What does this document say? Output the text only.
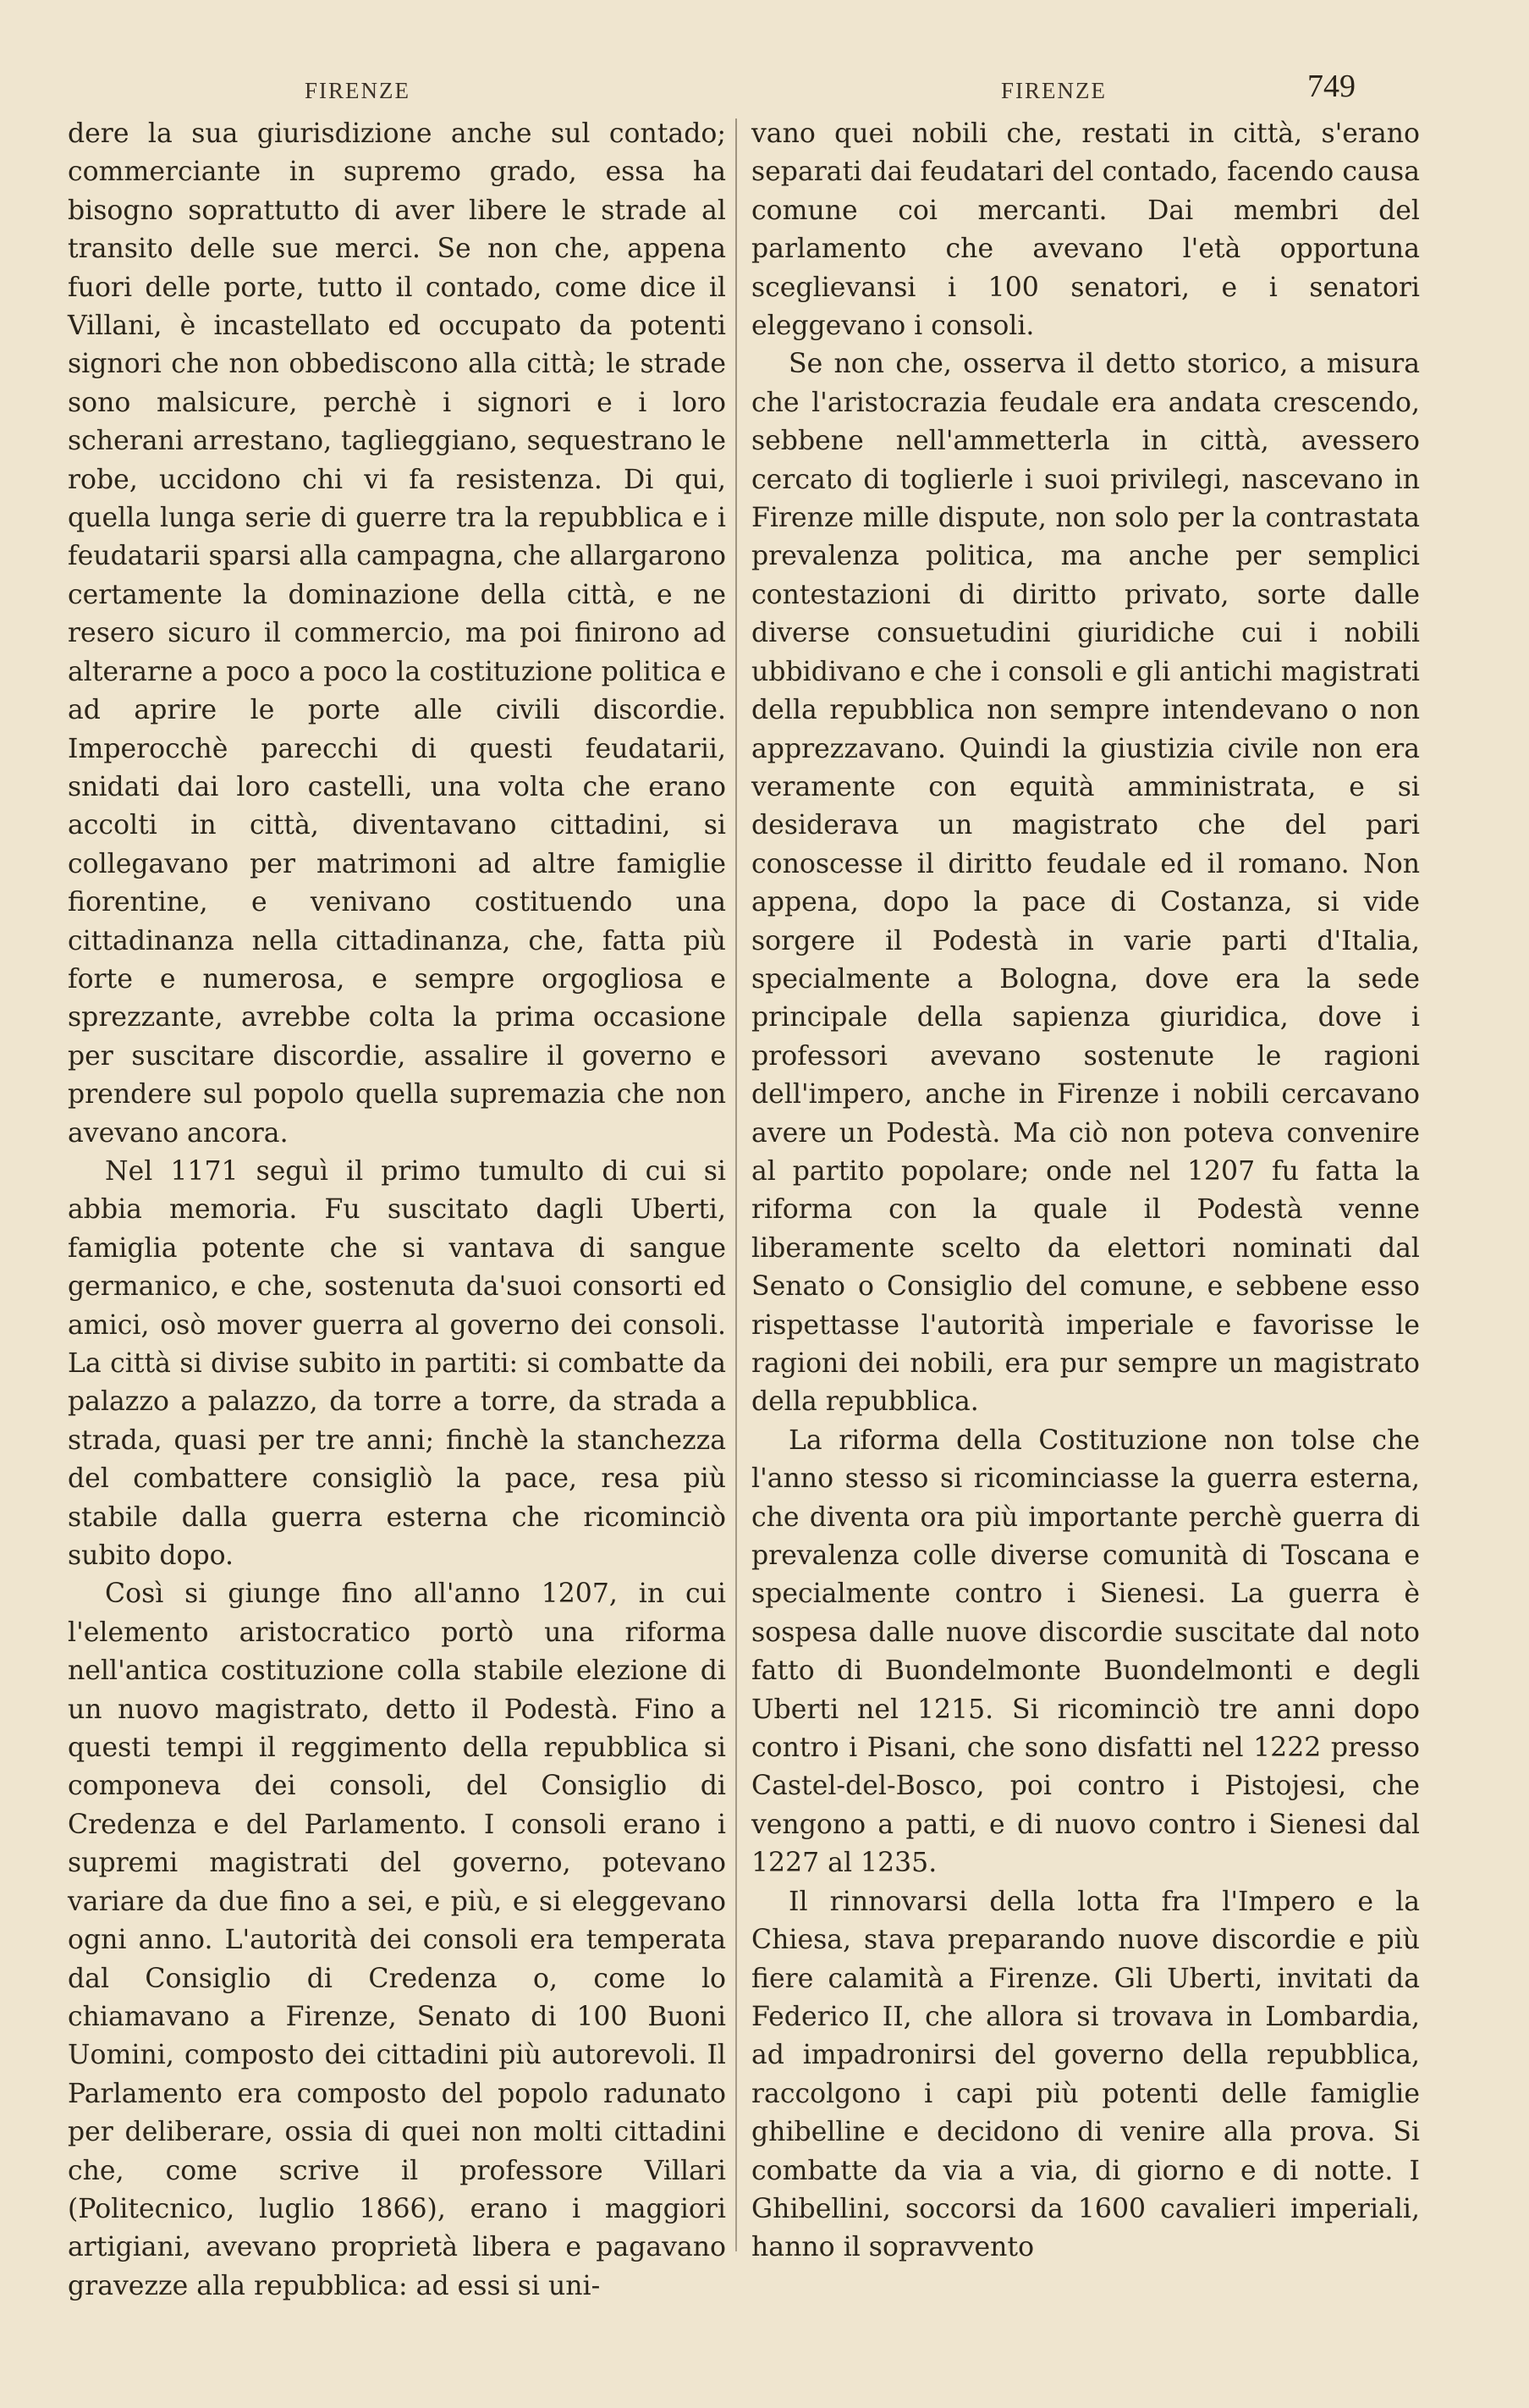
FIRENZE	FIRENZE	749

dere la sua giurisdizione anche sul contado; commerciante in supremo grado, essa ha bisogno soprattutto di aver libere le strade al transito delle sue merci. Se non che, appena fuori delle porte, tutto il contado, come dice il Villani, è incastellato ed occupato da potenti signori che non obbediscono alla città; le strade sono malsicure, perchè i signori e i loro scherani arrestano, taglieggiano, sequestrano le robe, uccidono chi vi fa resistenza. Di qui, quella lunga serie di guerre tra la repubblica e i feudatarii sparsi alla campagna, che allargarono certamente la dominazione della città, e ne resero sicuro il commercio, ma poi finirono ad alterarne a poco a poco la costituzione politica e ad aprire le porte alle civili discordie. Imperocchè parecchi di questi feudatarii, snidati dai loro castelli, una volta che erano accolti in città, diventavano cittadini, si collegavano per matrimoni ad altre famiglie fiorentine, e venivano costituendo una cittadinanza nella cittadinanza, che, fatta più forte e numerosa, e sempre orgogliosa e sprezzante, avrebbe colta la prima occasione per suscitare discordie, assalire il governo e prendere sul popolo quella supremazia che non avevano ancora.

Nel 1171 seguì il primo tumulto di cui si abbia memoria. Fu suscitato dagli Uberti, famiglia potente che si vantava di sangue germanico, e che, sostenuta da'suoi consorti ed amici, osò mover guerra al governo dei consoli. La città si divise subito in partiti: si combatte da palazzo a palazzo, da torre a torre, da strada a strada, quasi per tre anni; finchè la stanchezza del combattere consigliò la pace, resa più stabile dalla guerra esterna che ricominciò subito dopo.

Così si giunge fino all'anno 1207, in cui l'elemento aristocratico portò una riforma nell'antica costituzione colla stabile elezione di un nuovo magistrato, detto il Podestà. Fino a questi tempi il reggimento della repubblica si componeva dei consoli, del Consiglio di Credenza e del Parlamento. I consoli erano i supremi magistrati del governo, potevano variare da due fino a sei, e più, e si eleggevano ogni anno. L'autorità dei consoli era temperata dal Consiglio di Credenza o, come lo chiamavano a Firenze, Senato di 100 Buoni Uomini, composto dei cittadini più autorevoli. Il Parlamento era composto del popolo radunato per deliberare, ossia di quei non molti cittadini che, come scrive il professore Villari (Politecnico, luglio 1866), erano i maggiori artigiani, avevano proprietà libera e pagavano gravezze alla repubblica: ad essi si uni-

vano quei nobili che, restati in città, s'erano separati dai feudatari del contado, facendo causa comune coi mercanti. Dai membri del parlamento che avevano l'età opportuna sceglievansi i 100 senatori, e i senatori eleggevano i consoli.

Se non che, osserva il detto storico, a misura che l'aristocrazia feudale era andata crescendo, sebbene nell'ammetterla in città, avessero cercato di toglierle i suoi privilegi, nascevano in Firenze mille dispute, non solo per la contrastata prevalenza politica, ma anche per semplici contestazioni di diritto privato, sorte dalle diverse consuetudini giuridiche cui i nobili ubbidivano e che i consoli e gli antichi magistrati della repubblica non sempre intendevano o non apprezzavano. Quindi la giustizia civile non era veramente con equità amministrata, e si desiderava un magistrato che del pari conoscesse il diritto feudale ed il romano. Non appena, dopo la pace di Costanza, si vide sorgere il Podestà in varie parti d'Italia, specialmente a Bologna, dove era la sede principale della sapienza giuridica, dove i professori avevano sostenute le ragioni dell'impero, anche in Firenze i nobili cercavano avere un Podestà. Ma ciò non poteva convenire al partito popolare; onde nel 1207 fu fatta la riforma con la quale il Podestà venne liberamente scelto da elettori nominati dal Senato o Consiglio del comune, e sebbene esso rispettasse l'autorità imperiale e favorisse le ragioni dei nobili, era pur sempre un magistrato della repubblica.

La riforma della Costituzione non tolse che l'anno stesso si ricominciasse la guerra esterna, che diventa ora più importante perchè guerra di prevalenza colle diverse comunità di Toscana e specialmente contro i Sienesi. La guerra è sospesa dalle nuove discordie suscitate dal noto fatto di Buondelmonte Buondelmonti e degli Uberti nel 1215. Si ricominciò tre anni dopo contro i Pisani, che sono disfatti nel 1222 presso Castel-del-Bosco, poi contro i Pistojesi, che vengono a patti, e di nuovo contro i Sienesi dal 1227 al 1235.

Il rinnovarsi della lotta fra l'Impero e la Chiesa, stava preparando nuove discordie e più fiere calamità a Firenze. Gli Uberti, invitati da Federico II, che allora si trovava in Lombardia, ad impadronirsi del governo della repubblica, raccolgono i capi più potenti delle famiglie ghibelline e decidono di venire alla prova. Si combatte da via a via, di giorno e di notte. I Ghibellini, soccorsi da 1600 cavalieri imperiali, hanno il sopravvento
